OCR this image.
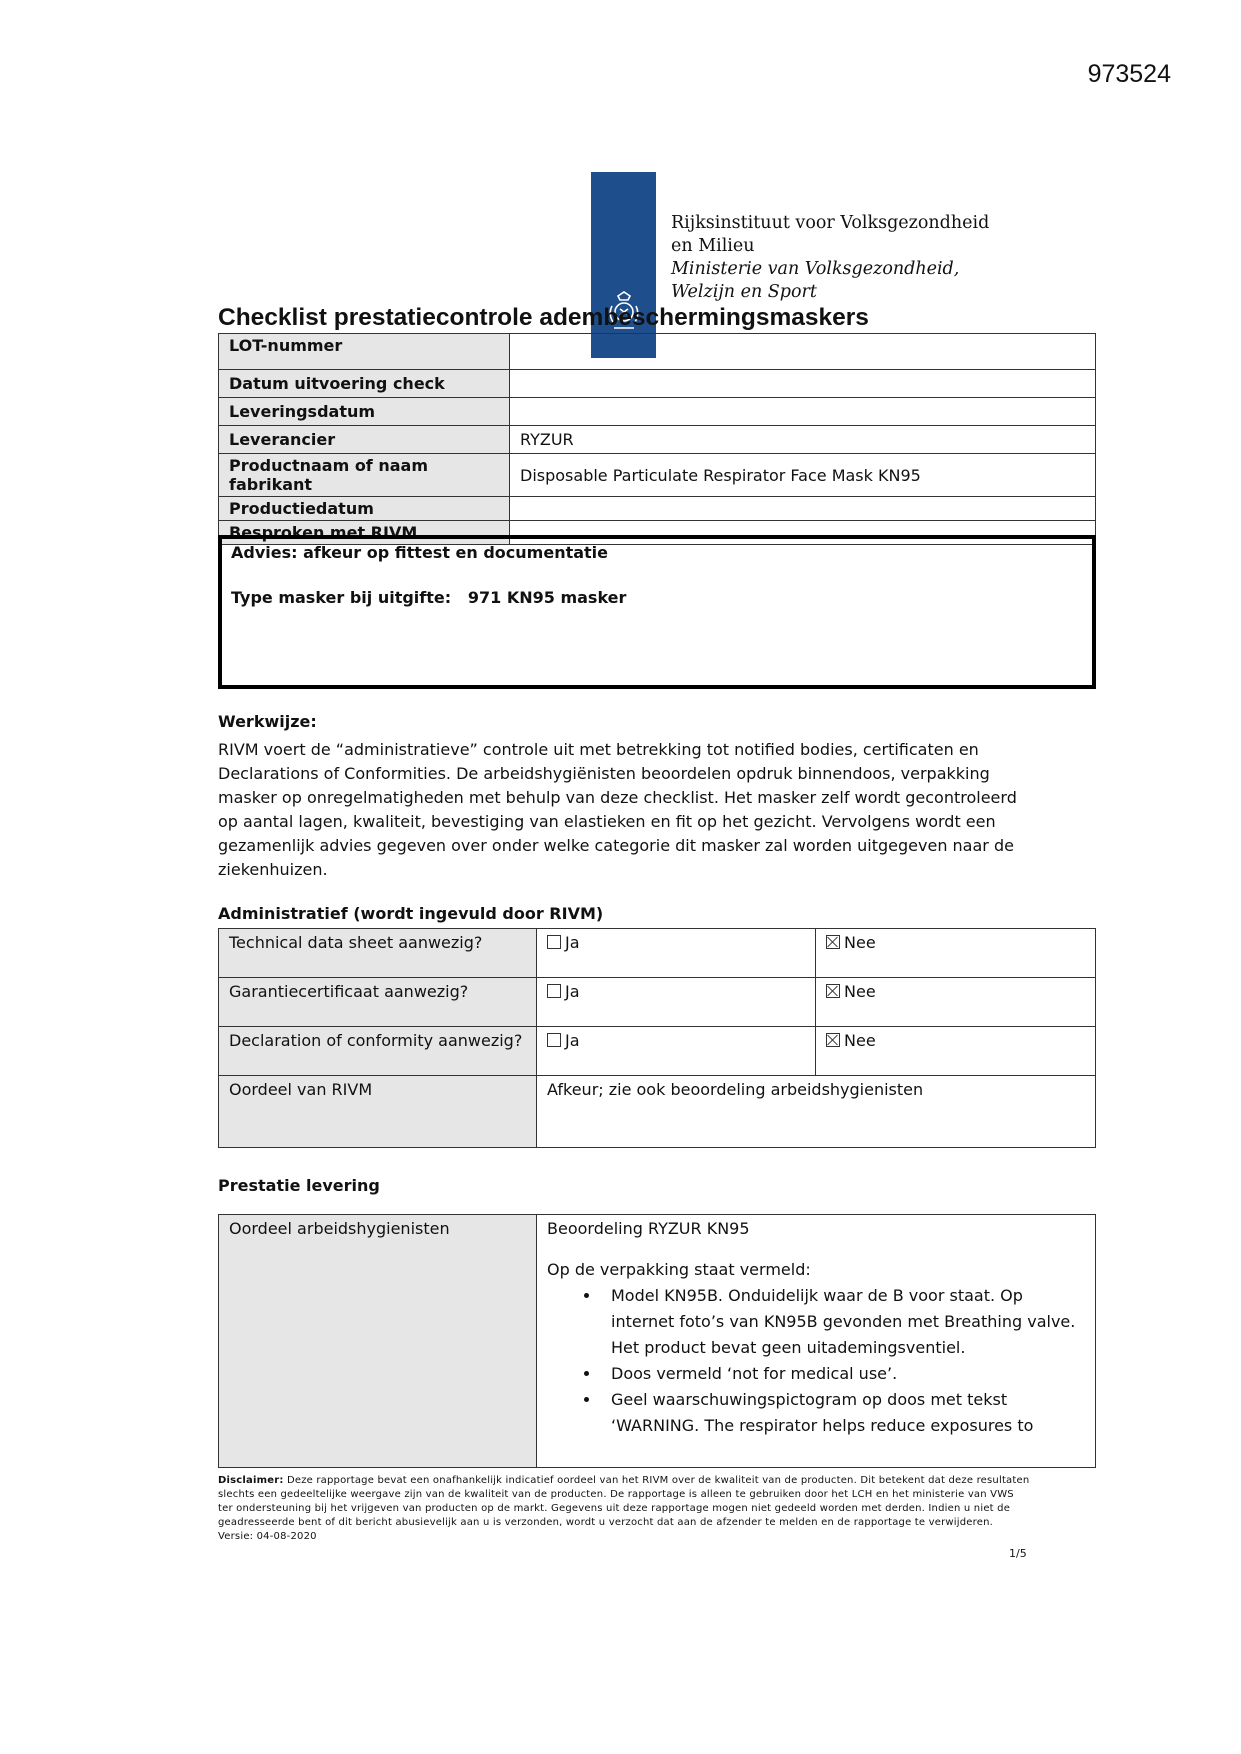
973524
Rijksinstituut voor Volksgezondheid
en Milieu
Ministerie van Volksgezondheid,
Welzijn en Sport
Checklist prestatiecontrole adembeschermingsmaskers
LOT-nummer	
Datum uitvoering check	
Leveringsdatum	
Leverancier	RYZUR
Productnaam of naam fabrikant	Disposable Particulate Respirator Face Mask KN95
Productiedatum	
Besproken met RIVM	

Advies: afkeur op fittest en documentatie

Type masker bij uitgifte:   971 KN95 masker

Werkwijze:
RIVM voert de “administratieve” controle uit met betrekking tot notified bodies, certificaten en Declarations of Conformities. De arbeidshygiënisten beoordelen opdruk binnendoos, verpakking masker op onregelmatigheden met behulp van deze checklist. Het masker zelf wordt gecontroleerd op aantal lagen, kwaliteit, bevestiging van elastieken en fit op het gezicht. Vervolgens wordt een gezamenlijk advies gegeven over onder welke categorie dit masker zal worden uitgegeven naar de ziekenhuizen.
Administratief (wordt ingevuld door RIVM)
Technical data sheet aanwezig?	Ja	Nee
Garantiecertificaat aanwezig?	Ja	Nee
Declaration of conformity aanwezig?	Ja	Nee
Oordeel van RIVM	Afkeur; zie ook beoordeling arbeidshygienisten	
Prestatie levering
Oordeel arbeidshygienisten	Beoordeling RYZUR KN95
Op de verpakking staat vermeld:
• Model KN95B. Onduidelijk waar de B voor staat. Op internet foto’s van KN95B gevonden met Breathing valve. Het product bevat geen uitademingsventiel.
• Doos vermeld ‘not for medical use’.
• Geel waarschuwingspictogram op doos met tekst ‘WARNING. The respirator helps reduce exposures to
Disclaimer: Deze rapportage bevat een onafhankelijk indicatief oordeel van het RIVM over de kwaliteit van de producten. Dit betekent dat deze resultaten slechts een gedeeltelijke weergave zijn van de kwaliteit van de producten. De rapportage is alleen te gebruiken door het LCH en het ministerie van VWS ter ondersteuning bij het vrijgeven van producten op de markt. Gegevens uit deze rapportage mogen niet gedeeld worden met derden. Indien u niet de geadresseerde bent of dit bericht abusievelijk aan u is verzonden, wordt u verzocht dat aan de afzender te melden en de rapportage te verwijderen. Versie: 04-08-2020
1/5
